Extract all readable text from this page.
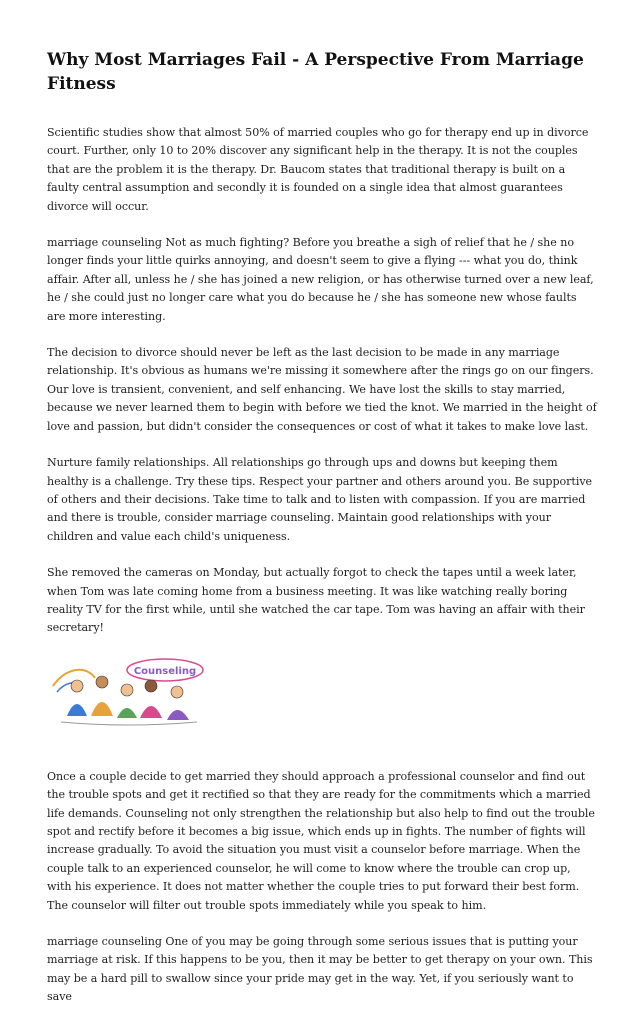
Why Most Marriages Fail - A Perspective From Marriage Fitness

Scientific studies show that almost 50% of married couples who go for therapy end up in divorce court. Further, only 10 to 20% discover any significant help in the therapy. It is not the couples that are the problem it is the therapy. Dr. Baucom states that traditional therapy is built on a faulty central assumption and secondly it is founded on a single idea that almost guarantees divorce will occur.

marriage counseling Not as much fighting? Before you breathe a sigh of relief that he / she no longer finds your little quirks annoying, and doesn't seem to give a flying --- what you do, think affair. After all, unless he / she has joined a new religion, or has otherwise turned over a new leaf, he / she could just no longer care what you do because he / she has someone new whose faults are more interesting.

The decision to divorce should never be left as the last decision to be made in any marriage relationship. It's obvious as humans we're missing it somewhere after the rings go on our fingers. Our love is transient, convenient, and self enhancing. We have lost the skills to stay married, because we never learned them to begin with before we tied the knot. We married in the height of love and passion, but didn't consider the consequences or cost of what it takes to make love last.

Nurture family relationships. All relationships go through ups and downs but keeping them healthy is a challenge. Try these tips. Respect your partner and others around you. Be supportive of others and their decisions. Take time to talk and to listen with compassion. If you are married and there is trouble, consider marriage counseling. Maintain good relationships with your children and value each child's uniqueness.

She removed the cameras on Monday, but actually forgot to check the tapes until a week later, when Tom was late coming home from a business meeting. It was like watching really boring reality TV for the first while, until she watched the car tape. Tom was having an affair with their secretary!

Counseling

Once a couple decide to get married they should approach a professional counselor and find out the trouble spots and get it rectified so that they are ready for the commitments which a married life demands. Counseling not only strengthen the relationship but also help to find out the trouble spot and rectify before it becomes a big issue, which ends up in fights. The number of fights will increase gradually. To avoid the situation you must visit a counselor before marriage. When the couple talk to an experienced counselor, he will come to know where the trouble can crop up, with his experience. It does not matter whether the couple tries to put forward their best form. The counselor will filter out trouble spots immediately while you speak to him.

marriage counseling One of you may be going through some serious issues that is putting your marriage at risk. If this happens to be you, then it may be better to get therapy on your own. This may be a hard pill to swallow since your pride may get in the way. Yet, if you seriously want to save
